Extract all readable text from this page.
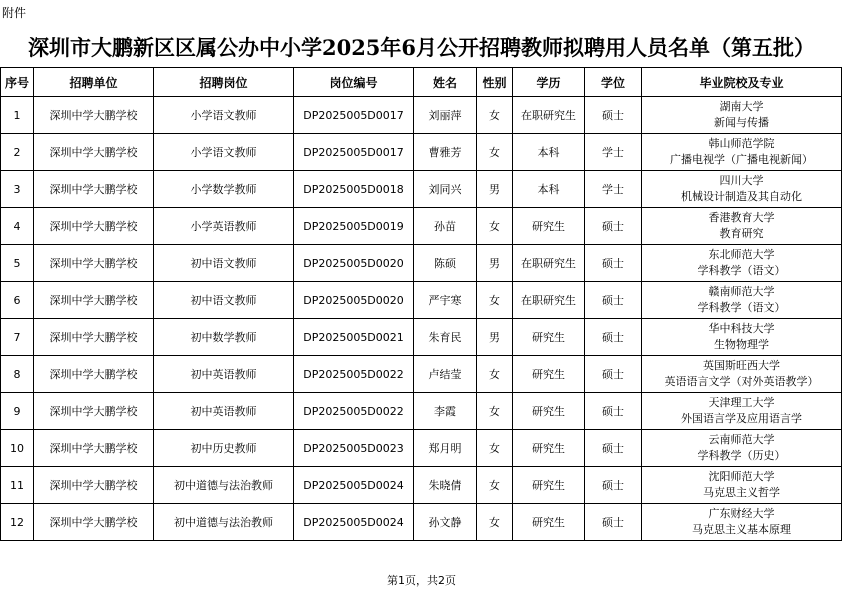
附件
深圳市大鹏新区区属公办中小学2025年6月公开招聘教师拟聘用人员名单（第五批）
序号	招聘单位	招聘岗位	岗位编号	姓名	性别	学历	学位	毕业院校及专业
1	深圳中学大鹏学校	小学语文教师	DP2025005D0017	刘丽萍	女	在职研究生	硕士	湖南大学
新闻与传播

2	深圳中学大鹏学校	小学语文教师	DP2025005D0017	曹雅芳	女	本科	学士	韩山师范学院
广播电视学（广播电视新闻）

3	深圳中学大鹏学校	小学数学教师	DP2025005D0018	刘同兴	男	本科	学士	四川大学
机械设计制造及其自动化

4	深圳中学大鹏学校	小学英语教师	DP2025005D0019	孙苗	女	研究生	硕士	香港教育大学
教育研究

5	深圳中学大鹏学校	初中语文教师	DP2025005D0020	陈硕	男	在职研究生	硕士	东北师范大学
学科教学（语文）

6	深圳中学大鹏学校	初中语文教师	DP2025005D0020	严宇寒	女	在职研究生	硕士	赣南师范大学
学科教学（语文）

7	深圳中学大鹏学校	初中数学教师	DP2025005D0021	朱育民	男	研究生	硕士	华中科技大学
生物物理学

8	深圳中学大鹏学校	初中英语教师	DP2025005D0022	卢结莹	女	研究生	硕士	英国斯旺西大学
英语语言文学（对外英语教学）

9	深圳中学大鹏学校	初中英语教师	DP2025005D0022	李霞	女	研究生	硕士	天津理工大学
外国语言学及应用语言学

10	深圳中学大鹏学校	初中历史教师	DP2025005D0023	郑月明	女	研究生	硕士	云南师范大学
学科教学（历史）

11	深圳中学大鹏学校	初中道德与法治教师	DP2025005D0024	朱晓倩	女	研究生	硕士	沈阳师范大学
马克思主义哲学

12	深圳中学大鹏学校	初中道德与法治教师	DP2025005D0024	孙文静	女	研究生	硕士	广东财经大学
马克思主义基本原理
第1页，共2页
